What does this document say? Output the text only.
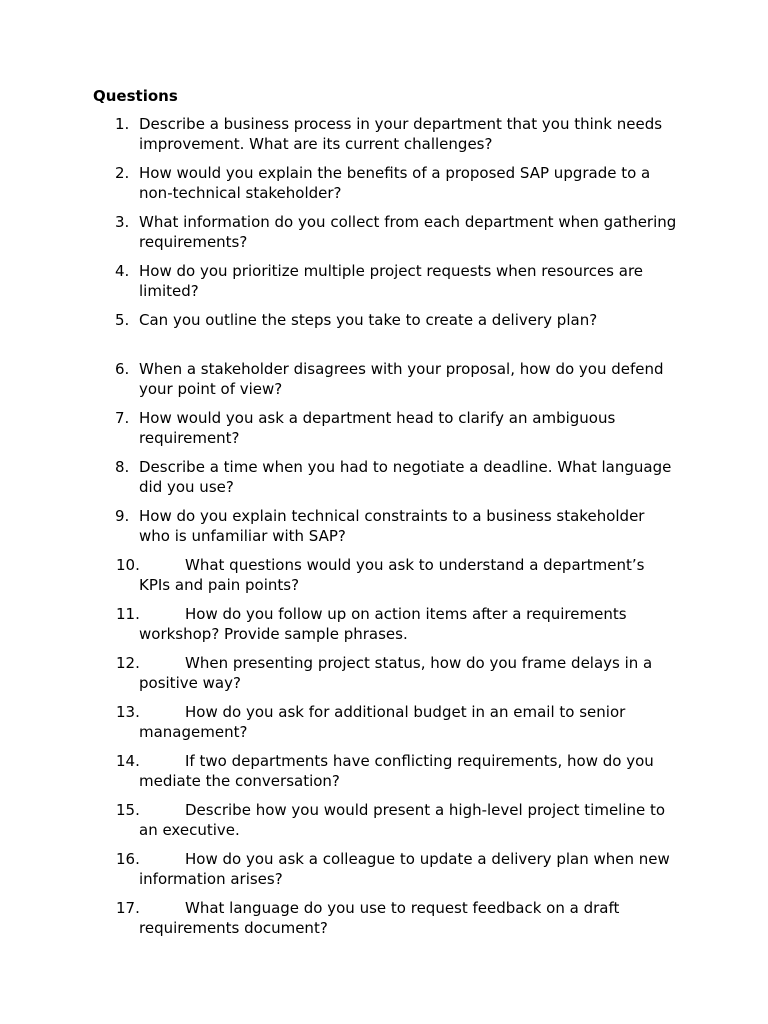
Questions
1. Describe a business process in your department that you think needs improvement. What are its current challenges?

2. How would you explain the benefits of a proposed SAP upgrade to a non-technical stakeholder?

3. What information do you collect from each department when gathering requirements?

4. How do you prioritize multiple project requests when resources are limited?

5. Can you outline the steps you take to create a delivery plan?

6. When a stakeholder disagrees with your proposal, how do you defend your point of view?

7. How would you ask a department head to clarify an ambiguous requirement?

8. Describe a time when you had to negotiate a deadline. What language did you use?

9. How do you explain technical constraints to a business stakeholder who is unfamiliar with SAP?

10.	What questions would you ask to understand a department’s KPIs and pain points?

11.	How do you follow up on action items after a requirements workshop? Provide sample phrases.

12.	When presenting project status, how do you frame delays in a positive way?

13.	How do you ask for additional budget in an email to senior management?

14.	If two departments have conflicting requirements, how do you mediate the conversation?

15.	Describe how you would present a high-level project timeline to an executive.

16.	How do you ask a colleague to update a delivery plan when new information arises?

17.	What language do you use to request feedback on a draft requirements document?
